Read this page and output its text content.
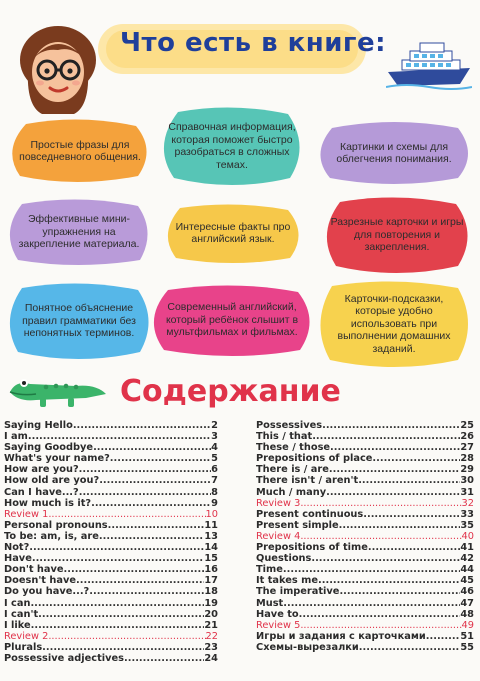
Что есть в книге:
Простые фразы для повседневного общения.
Справочная информация, которая поможет быстро разобраться в сложных темах.
Картинки и схемы для облегчения понимания.
Эффективные мини-упражнения на закрепление материала.
Интересные факты про английский язык.
Разрезные карточки и игры для повторения и закрепления.
Понятное объяснение правил грамматики без непонятных терминов.
Современный английский, который ребёнок слышит в мультфильмах и фильмах.
Карточки-подсказки, которые удобно использовать при выполнении домашних заданий.
Содержание
Saying Hello .....	2
I am... .....	3
Saying Goodbye .....	4
What's your name? .....	5
How are you? .....	6
How old are you? .....	7
Can I have...? .....	8
How much is it? .....	9
Review 1 .....	10
Personal pronouns .....	11
To be: am, is, are .....	13
Not? .....	14
Have .....	15
Don't have .....	16
Doesn't have .....	17
Do you have...? .....	18
I can .....	19
I can't .....	20
I like .....	21
Review 2 .....	22
Plurals .....	23
Possessive adjectives .....	24
Possessives .....	25
This / that .....	26
These / those .....	27
Prepositions of place .....	28
There is / are .....	29
There isn't / aren't .....	30
Much / many .....	31
Review 3 .....	32
Present continuous .....	33
Present simple .....	35
Review 4 .....	40
Prepositions of time .....	41
Questions .....	42
Time .....	44
It takes me... .....	45
The imperative .....	46
Must .....	47
Have to .....	48
Review 5 .....	49
Игры и задания с карточками .....	51
Схемы-вырезалки .....	55
